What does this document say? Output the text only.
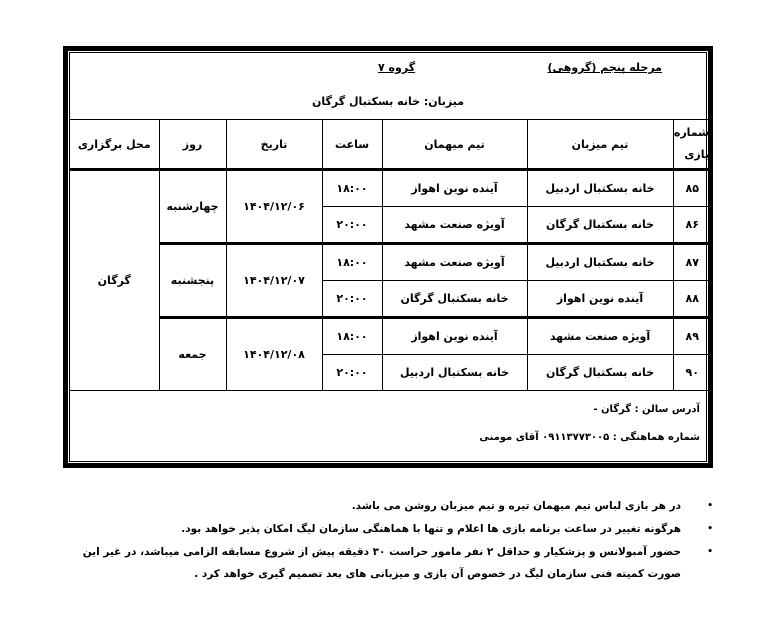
مرحله پنجم (گروهی)
گروه ۷
میزبان: خانه بسکتبال گرگان
شماره
بازی	تیم میزبان	تیم میهمان	ساعت	تاریخ	روز	محل برگزاری
۸۵	خانه بسکتبال اردبیل	آینده نوین اهواز	۱۸:۰۰	۱۴۰۴/۱۲/۰۶	چهارشنبه	گرگان
۸۶	خانه بسکتبال گرگان	آویژه صنعت مشهد	۲۰:۰۰			
۸۷	خانه بسکتبال اردبیل	آویژه صنعت مشهد	۱۸:۰۰	۱۴۰۴/۱۲/۰۷	پنجشنبه	
۸۸	آینده نوین اهواز	خانه بسکتبال گرگان	۲۰:۰۰			
۸۹	آویژه صنعت مشهد	آینده نوین اهواز	۱۸:۰۰	۱۴۰۴/۱۲/۰۸	جمعه	
۹۰	خانه بسکتبال گرگان	خانه بسکتبال اردبیل	۲۰:۰۰			
آدرس سالن : گرگان -
شماره هماهنگی : ۰۹۱۱۳۷۷۳۰۰۵ آقای مومنی
•
در هر بازی لباس تیم میهمان تیره و تیم میزبان روشن می باشد.
•
هرگونه تغییر در ساعت برنامه بازی ها اعلام و تنها با هماهنگی سازمان لیگ امکان پذیر خواهد بود.
•
حضور آمبولانس و پزشکیار و حداقل ۲ نفر مامور حراست ۳۰ دقیقه پیش از شروع مسابقه الزامی میباشد، در غیر این صورت کمیته فنی سازمان لیگ در خصوص آن بازی و میزبانی های بعد تصمیم گیری خواهد کرد .
